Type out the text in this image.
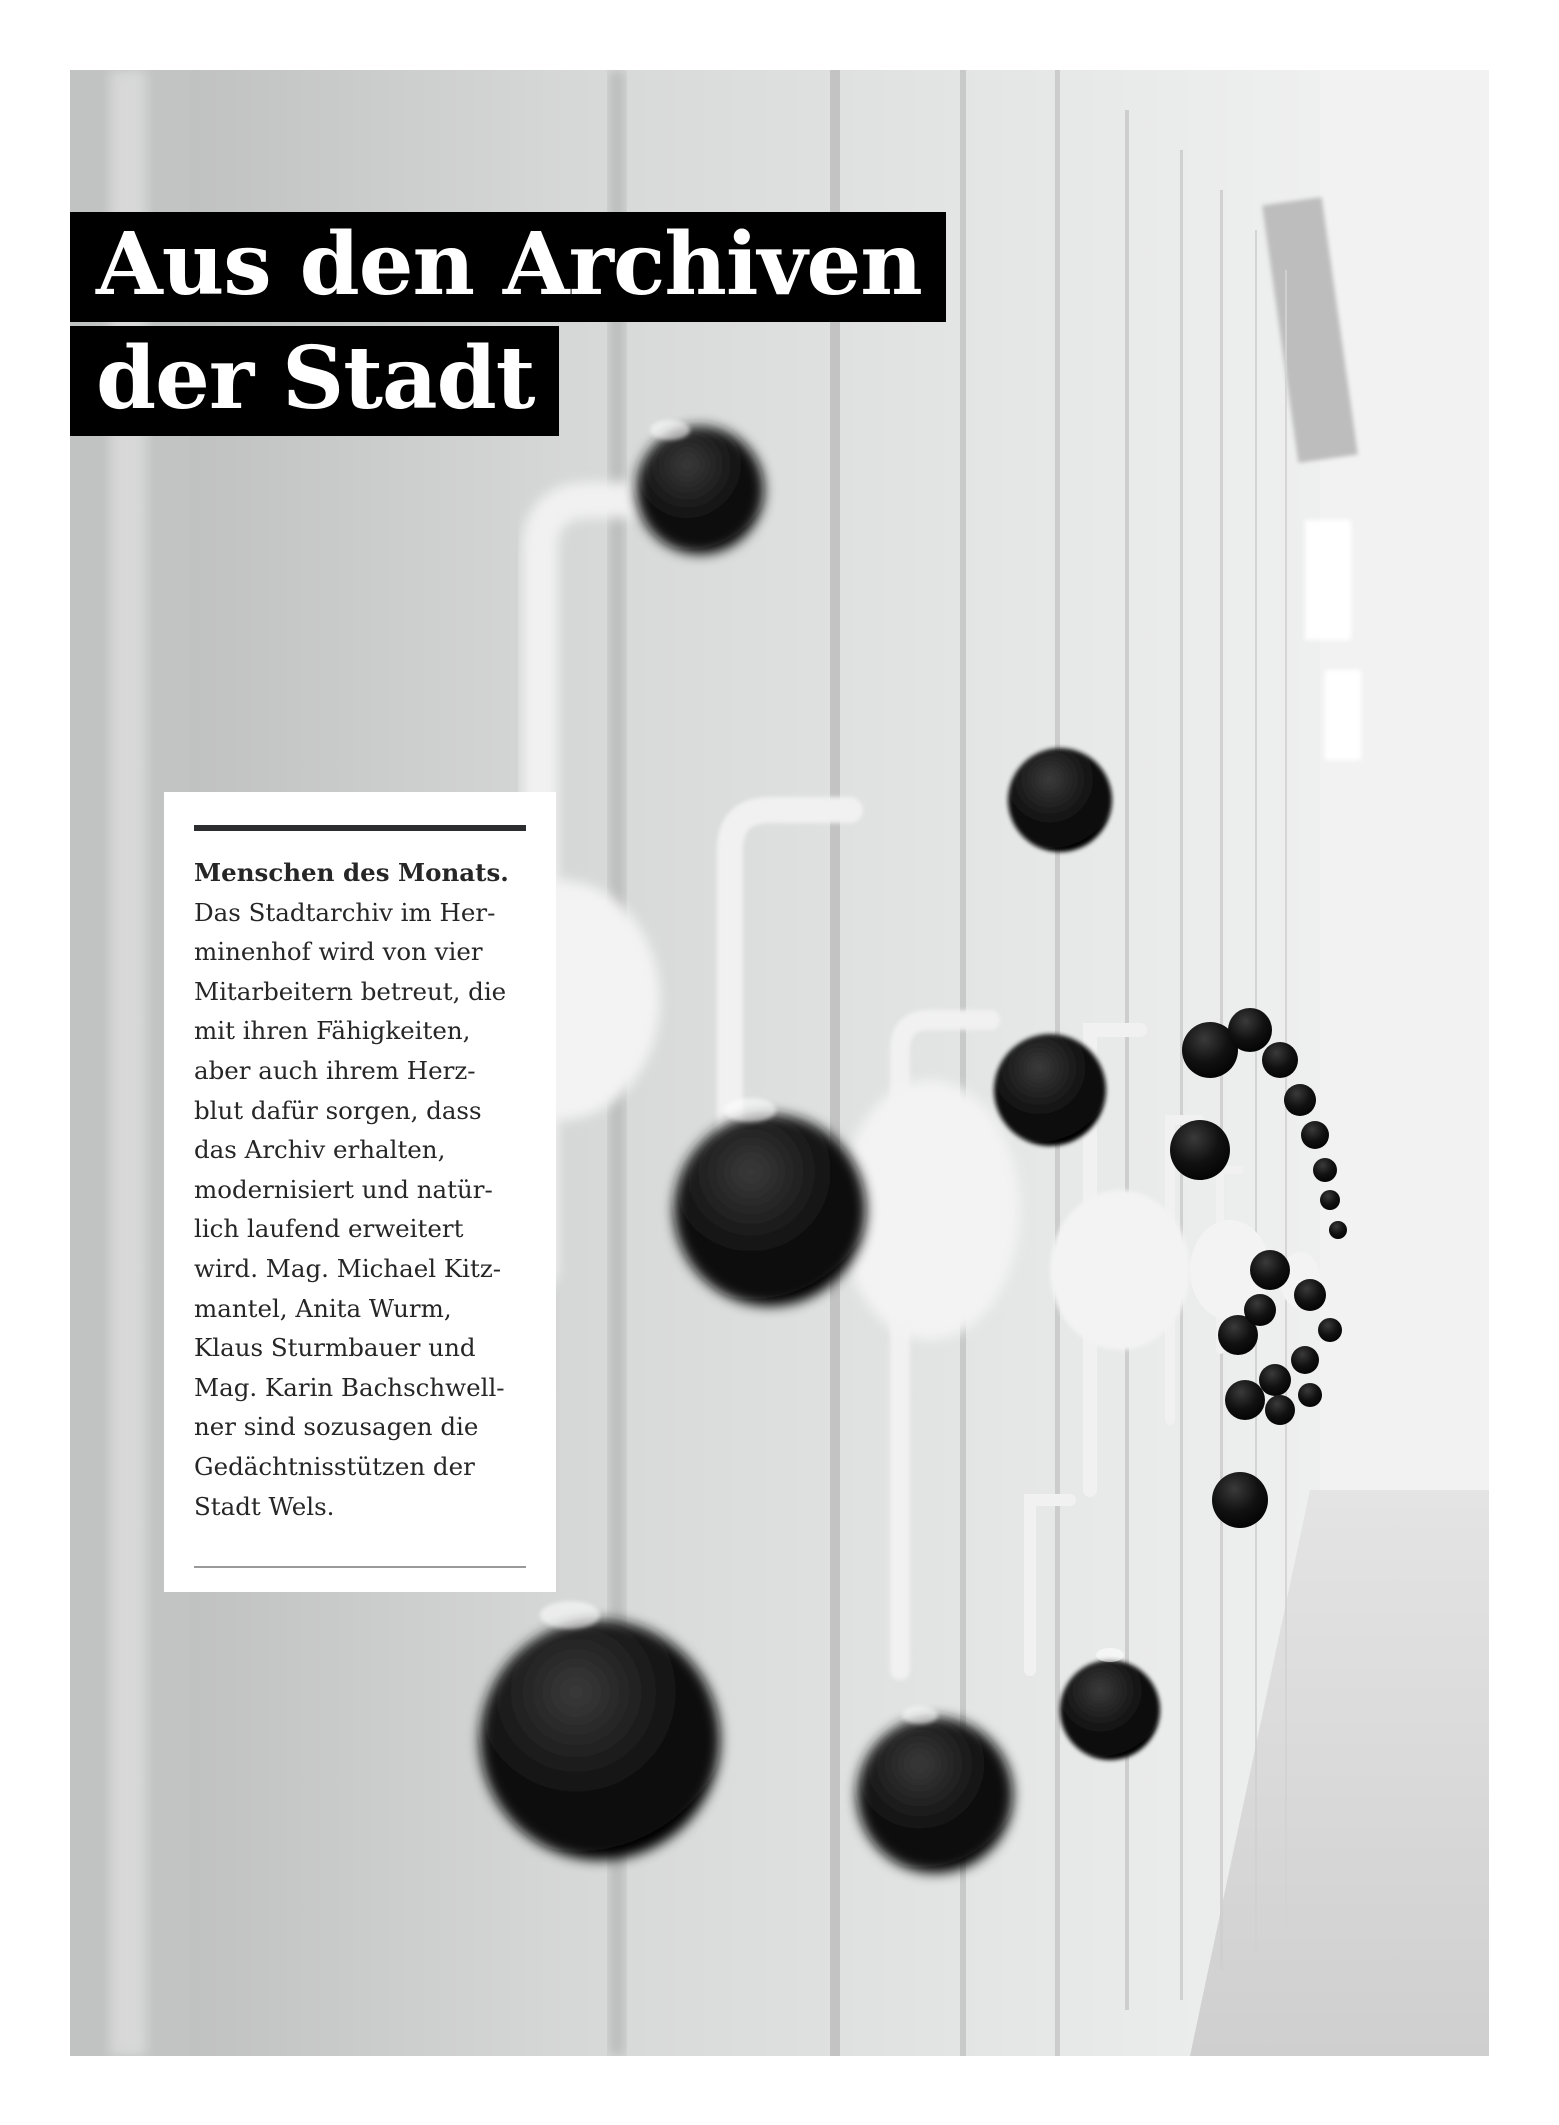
Aus den Archiven
der Stadt
Menschen des Monats.
Das Stadtarchiv im Her-
minenhof wird von vier
Mitarbeitern betreut, die
mit ihren Fähigkeiten,
aber auch ihrem Herz-
blut dafür sorgen, dass
das Archiv erhalten,
modernisiert und natür-
lich laufend erweitert
wird. Mag. Michael Kitz-
mantel, Anita Wurm,
Klaus Sturmbauer und
Mag. Karin Bachschwell-
ner sind sozusagen die
Gedächtnisstützen der
Stadt Wels.
